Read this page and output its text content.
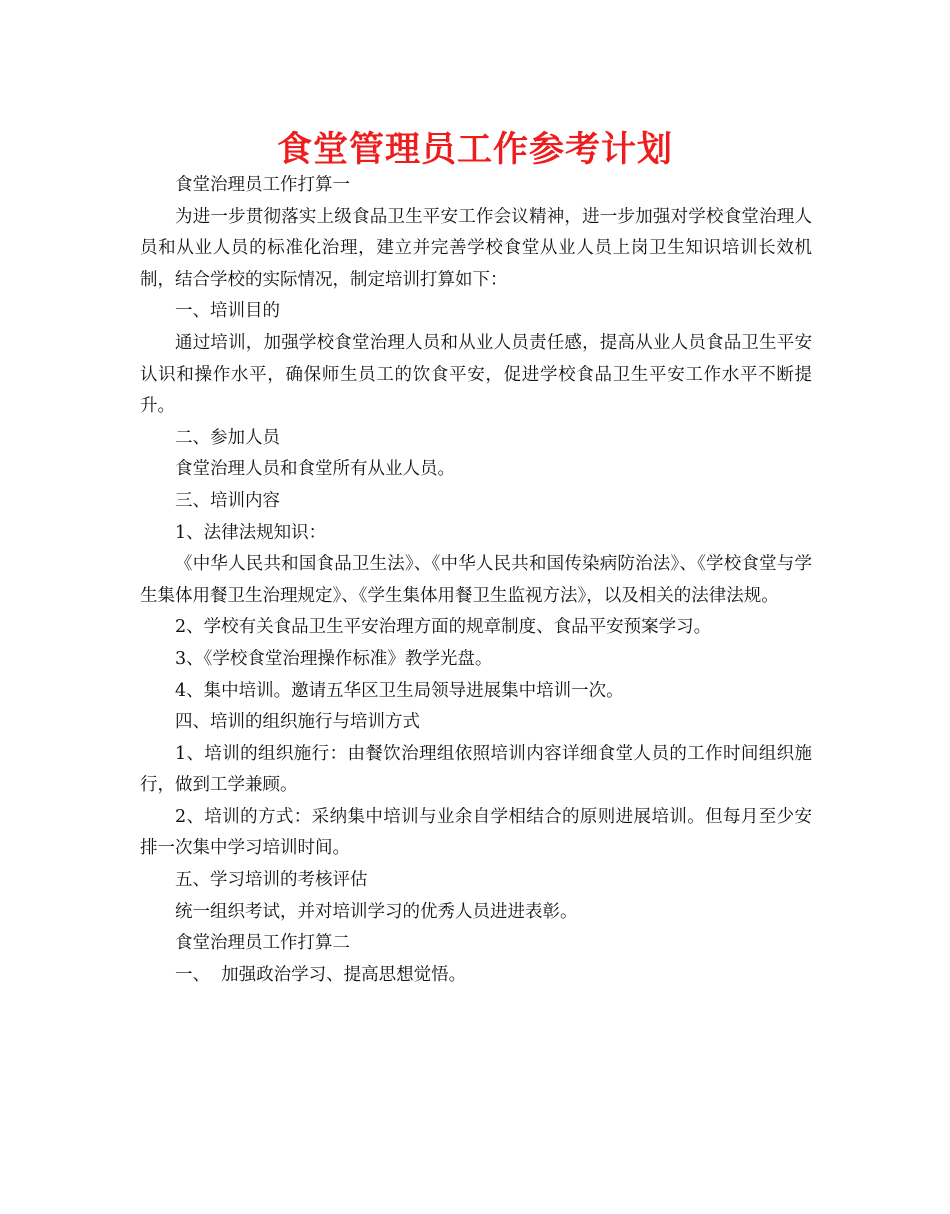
食堂管理员工作参考计划

食堂治理员工作打算一

为进一步贯彻落实上级食品卫生平安工作会议精神，进一步加强对学校食堂治理人员和从业人员的标准化治理，建立并完善学校食堂从业人员上岗卫生知识培训长效机制，结合学校的实际情况，制定培训打算如下：

一、培训目的

通过培训，加强学校食堂治理人员和从业人员责任感，提高从业人员食品卫生平安认识和操作水平，确保师生员工的饮食平安，促进学校食品卫生平安工作水平不断提升。

二、参加人员

食堂治理人员和食堂所有从业人员。

三、培训内容

1、法律法规知识：

《中华人民共和国食品卫生法》、《中华人民共和国传染病防治法》、《学校食堂与学生集体用餐卫生治理规定》、《学生集体用餐卫生监视方法》，以及相关的法律法规。

2、学校有关食品卫生平安治理方面的规章制度、食品平安预案学习。

3、《学校食堂治理操作标准》教学光盘。

4、集中培训。邀请五华区卫生局领导进展集中培训一次。

四、培训的组织施行与培训方式

1、培训的组织施行：由餐饮治理组依照培训内容详细食堂人员的工作时间组织施行，做到工学兼顾。

2、培训的方式：采纳集中培训与业余自学相结合的原则进展培训。但每月至少安排一次集中学习培训时间。

五、学习培训的考核评估

统一组织考试，并对培训学习的优秀人员进进表彰。

食堂治理员工作打算二

一、  加强政治学习、提高思想觉悟。
